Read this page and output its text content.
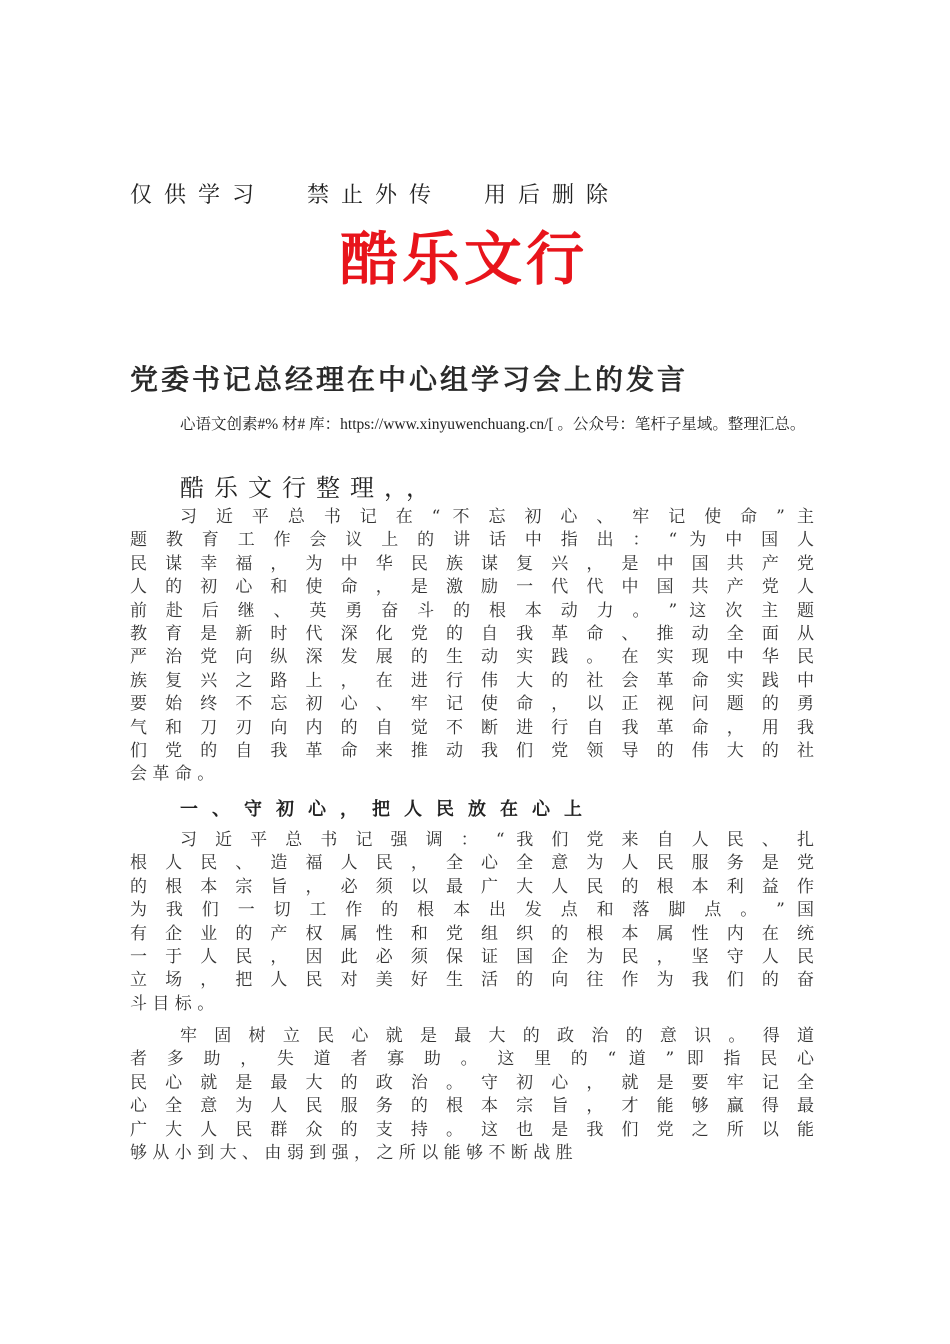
仅供学习 禁止外传 用后删除
酷乐文行
党委书记总经理在中心组学习会上的发言

心语文创素#% 材# 库：https://www.xinyuwenchuang.cn/[ 。公众号：笔杆子星域。整理汇总。

酷乐文行整理，，
习 近 平 总 书 记 在 “ 不 忘 初 心 、 牢 记 使 命 ” 主
题 教 育 工 作 会 议 上 的 讲 话 中 指 出 ： “ 为 中 国 人
民 谋 幸 福 ， 为 中 华 民 族 谋 复 兴 ， 是 中 国 共 产 党
人 的 初 心 和 使 命 ， 是 激 励 一 代 代 中 国 共 产 党 人
前 赴 后 继 、 英 勇 奋 斗 的 根 本 动 力 。 ” 这 次 主 题
教 育 是 新 时 代 深 化 党 的 自 我 革 命 、 推 动 全 面 从
严 治 党 向 纵 深 发 展 的 生 动 实 践 。 在 实 现 中 华 民
族 复 兴 之 路 上 ， 在 进 行 伟 大 的 社 会 革 命 实 践 中
要 始 终 不 忘 初 心 、 牢 记 使 命 ， 以 正 视 问 题 的 勇
气 和 刀 刃 向 内 的 自 觉 不 断 进 行 自 我 革 命 ， 用 我
们 党 的 自 我 革 命 来 推 动 我 们 党 领 导 的 伟 大 的 社
会 革 命 。
一、守初心，把人民放在心上
习 近 平 总 书 记 强 调 ： “ 我 们 党 来 自 人 民 、 扎
根 人 民 、 造 福 人 民 ， 全 心 全 意 为 人 民 服 务 是 党
的 根 本 宗 旨 ， 必 须 以 最 广 大 人 民 的 根 本 利 益 作
为 我 们 一 切 工 作 的 根 本 出 发 点 和 落 脚 点 。 ” 国
有 企 业 的 产 权 属 性 和 党 组 织 的 根 本 属 性 内 在 统
一 于 人 民 ， 因 此 必 须 保 证 国 企 为 民 ， 坚 守 人 民
立 场 ， 把 人 民 对 美 好 生 活 的 向 往 作 为 我 们 的 奋
斗 目 标 。
牢 固 树 立 民 心 就 是 最 大 的 政 治 的 意 识 。 得 道
者 多 助 ， 失 道 者 寡 助 。 这 里 的 “ 道 ” 即 指 民 心
民 心 就 是 最 大 的 政 治 。 守 初 心 ， 就 是 要 牢 记 全
心 全 意 为 人 民 服 务 的 根 本 宗 旨 ， 才 能 够 赢 得 最
广 大 人 民 群 众 的 支 持 。 这 也 是 我 们 党 之 所 以 能
够 从 小 到 大 、 由 弱 到 强 ， 之 所 以 能 够 不 断 战 胜
